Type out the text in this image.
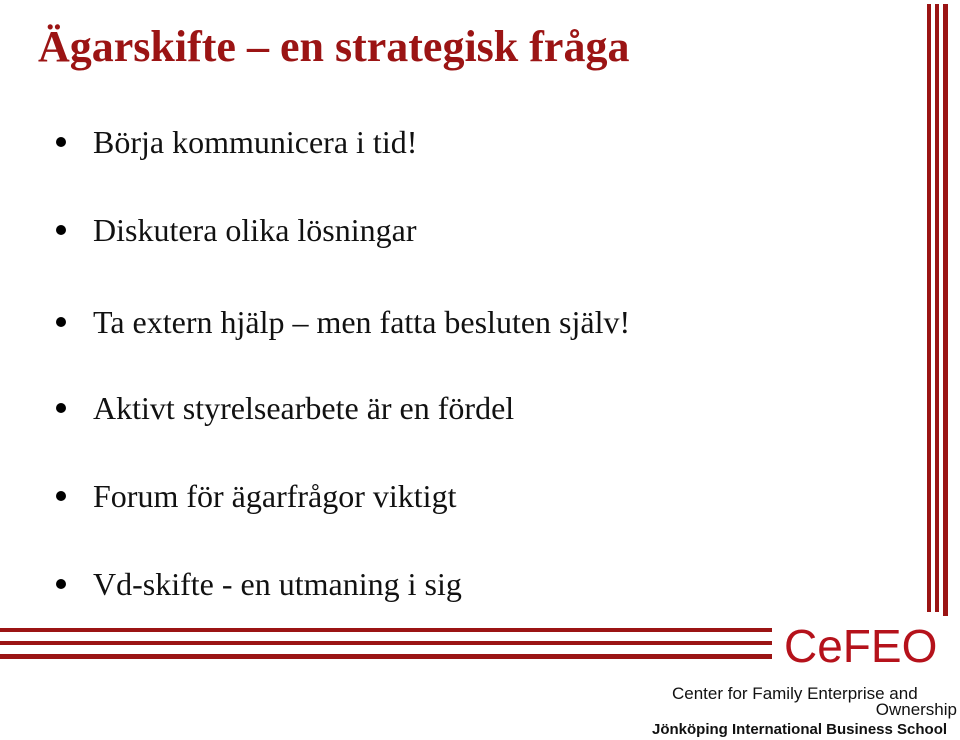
Ägarskifte – en strategisk fråga
Börja kommunicera i tid!
Diskutera olika lösningar
Ta extern hjälp – men fatta besluten själv!
Aktivt styrelsearbete är en fördel
Forum för ägarfrågor viktigt
Vd-skifte - en utmaning i sig
CeFEO
Center for Family Enterprise and
Ownership
Jönköping International Business School
